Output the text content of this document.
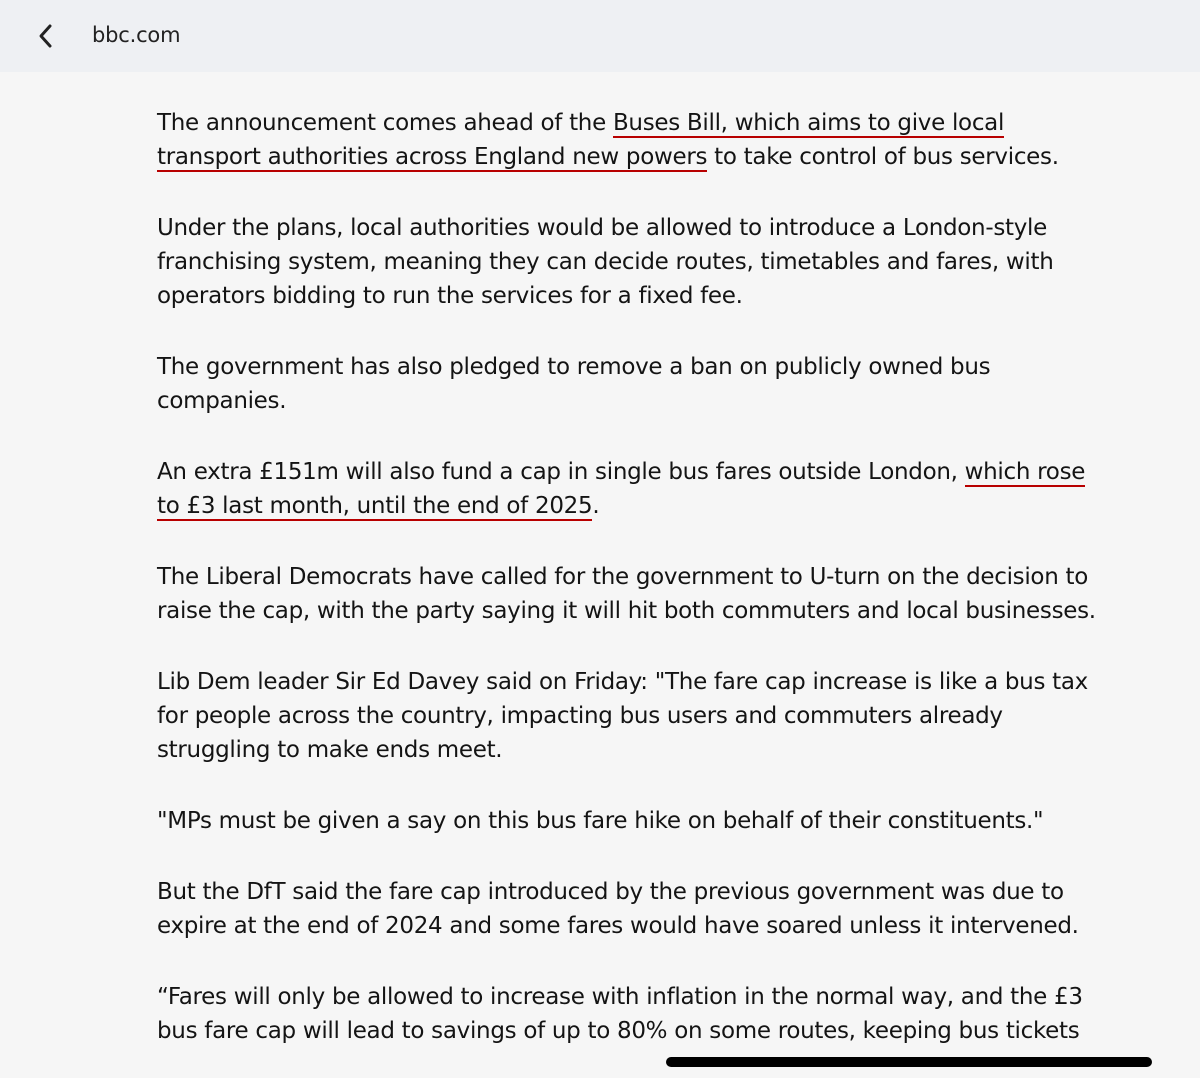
bbc.com

The announcement comes ahead of the Buses Bill, which aims to give local transport authorities across England new powers to take control of bus services.

Under the plans, local authorities would be allowed to introduce a London-style franchising system, meaning they can decide routes, timetables and fares, with operators bidding to run the services for a fixed fee.

The government has also pledged to remove a ban on publicly owned bus companies.

An extra £151m will also fund a cap in single bus fares outside London, which rose to £3 last month, until the end of 2025.

The Liberal Democrats have called for the government to U-turn on the decision to raise the cap, with the party saying it will hit both commuters and local businesses.

Lib Dem leader Sir Ed Davey said on Friday: "The fare cap increase is like a bus tax for people across the country, impacting bus users and commuters already struggling to make ends meet.

"MPs must be given a say on this bus fare hike on behalf of their constituents."

But the DfT said the fare cap introduced by the previous government was due to expire at the end of 2024 and some fares would have soared unless it intervened.

“Fares will only be allowed to increase with inflation in the normal way, and the £3 bus fare cap will lead to savings of up to 80% on some routes, keeping bus tickets
